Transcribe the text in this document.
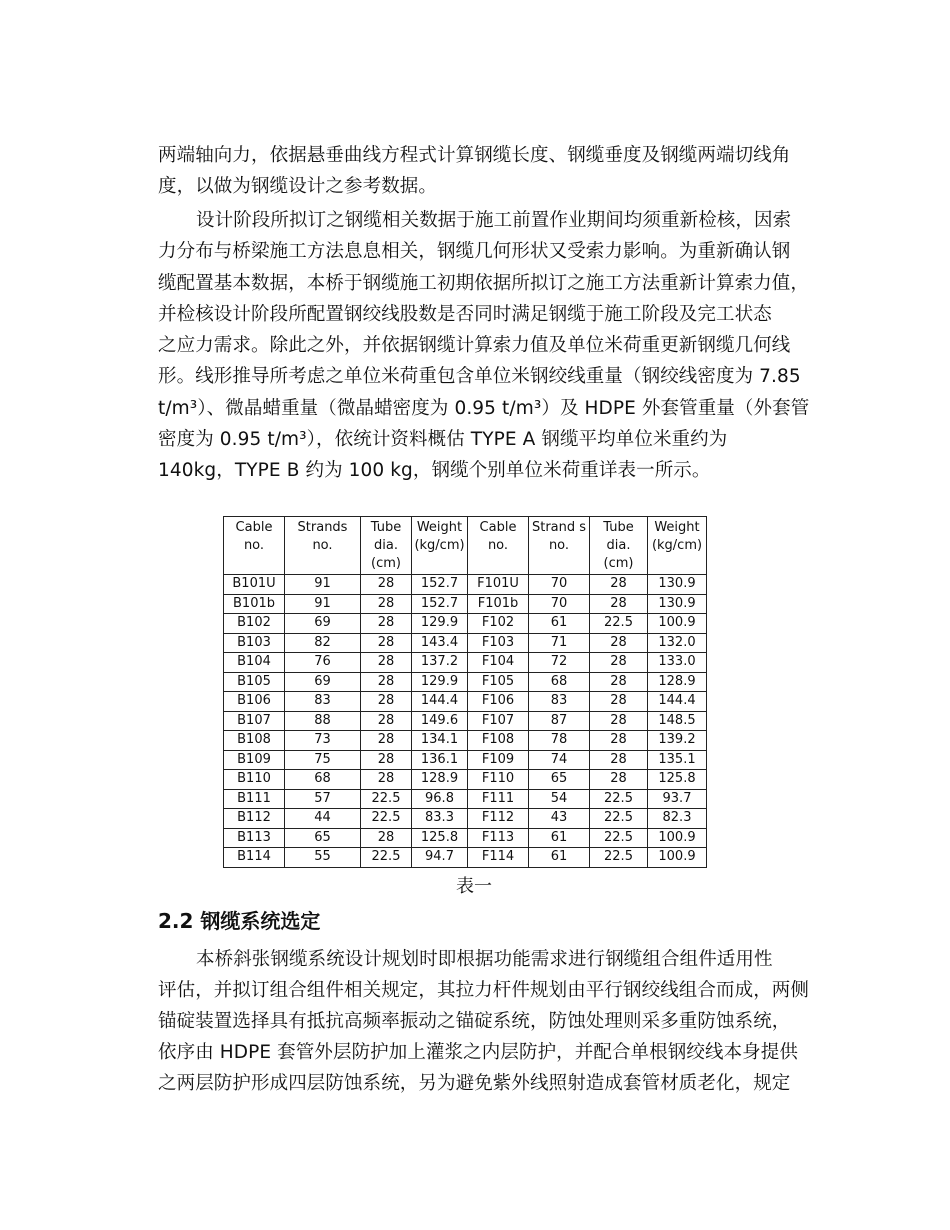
两端轴向力，依据悬垂曲线方程式计算钢缆长度、钢缆垂度及钢缆两端切线角
度，以做为钢缆设计之参考数据。
设计阶段所拟订之钢缆相关数据于施工前置作业期间均须重新检核，因索
力分布与桥梁施工方法息息相关，钢缆几何形状又受索力影响。为重新确认钢
缆配置基本数据，本桥于钢缆施工初期依据所拟订之施工方法重新计算索力值，
并检核设计阶段所配置钢绞线股数是否同时满足钢缆于施工阶段及完工状态
之应力需求。除此之外，并依据钢缆计算索力值及单位米荷重更新钢缆几何线
形。线形推导所考虑之单位米荷重包含单位米钢绞线重量（钢绞线密度为 7.85
t/m³）、微晶蜡重量（微晶蜡密度为 0.95 t/m³）及 HDPE 外套管重量（外套管
密度为 0.95 t/m³），依统计资料概估 TYPE A 钢缆平均单位米重约为
140kg，TYPE B 约为 100 kg，钢缆个别单位米荷重详表一所示。
Cable no.	Strands no.	Tube dia. (cm)	Weight (kg/cm)	Cable no.	Strand s no.	Tube dia. (cm)	Weight (kg/cm)
B101U	91	28	152.7	F101U	70	28	130.9
B101b	91	28	152.7	F101b	70	28	130.9
B102	69	28	129.9	F102	61	22.5	100.9
B103	82	28	143.4	F103	71	28	132.0
B104	76	28	137.2	F104	72	28	133.0
B105	69	28	129.9	F105	68	28	128.9
B106	83	28	144.4	F106	83	28	144.4
B107	88	28	149.6	F107	87	28	148.5
B108	73	28	134.1	F108	78	28	139.2
B109	75	28	136.1	F109	74	28	135.1
B110	68	28	128.9	F110	65	28	125.8
B111	57	22.5	96.8	F111	54	22.5	93.7
B112	44	22.5	83.3	F112	43	22.5	82.3
B113	65	28	125.8	F113	61	22.5	100.9
B114	55	22.5	94.7	F114	61	22.5	100.9
表一
2.2 钢缆系统选定
本桥斜张钢缆系统设计规划时即根据功能需求进行钢缆组合组件适用性
评估，并拟订组合组件相关规定，其拉力杆件规划由平行钢绞线组合而成，两侧
锚碇装置选择具有抵抗高频率振动之锚碇系统，防蚀处理则采多重防蚀系统，
依序由 HDPE 套管外层防护加上灌浆之内层防护，并配合单根钢绞线本身提供
之两层防护形成四层防蚀系统，另为避免紫外线照射造成套管材质老化，规定
